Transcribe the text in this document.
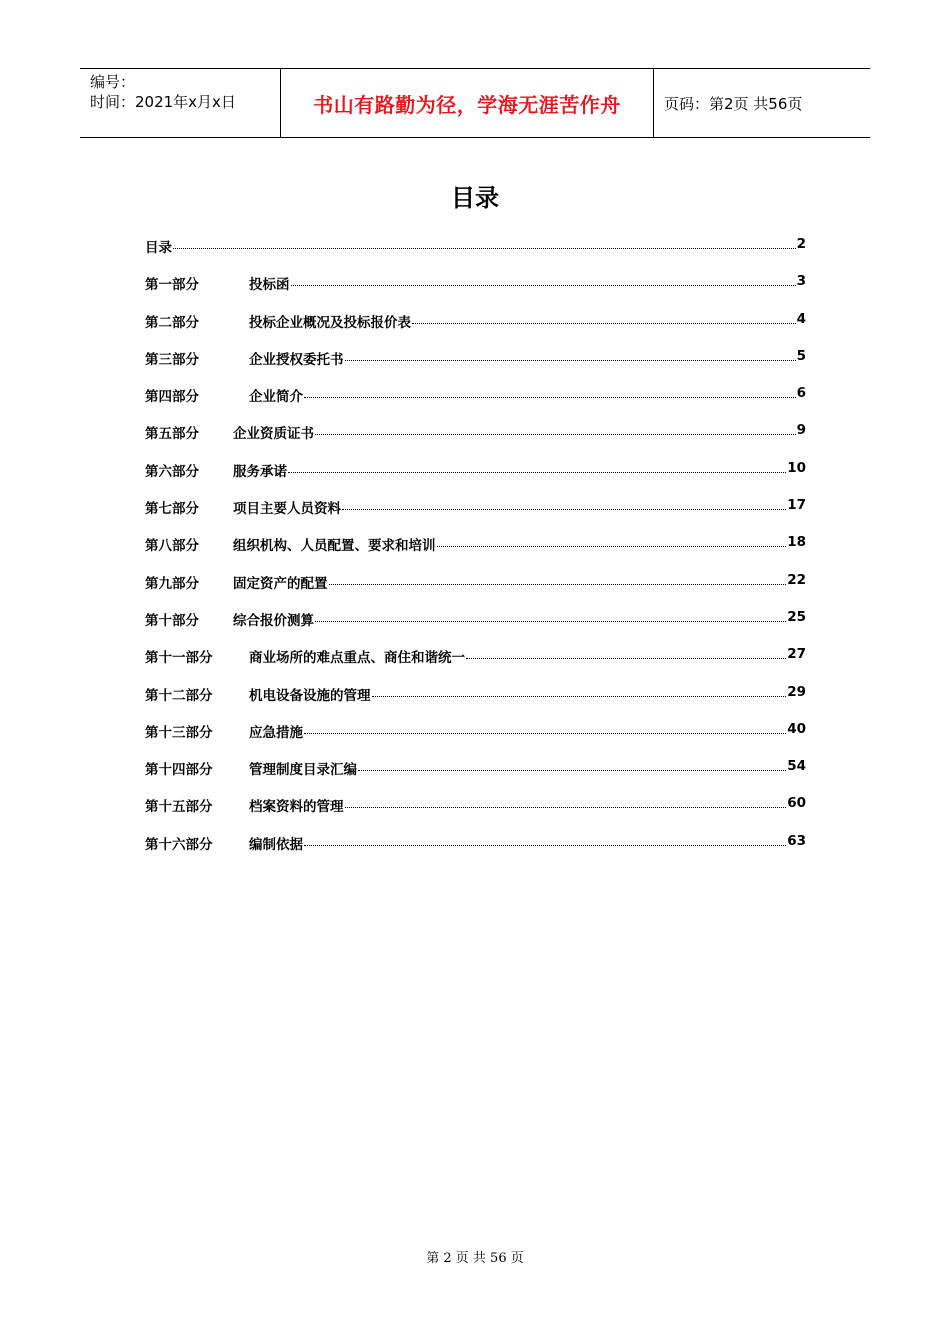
编号：
时间：2021年x月x日	书山有路勤为径，学海无涯苦作舟	页码：第2页 共56页
目录
目录	2
第一部分	投标函	3
第二部分	投标企业概况及投标报价表	4
第三部分	企业授权委托书	5
第四部分	企业简介	6
第五部分	企业资质证书	9
第六部分	服务承诺	10
第七部分	项目主要人员资料	17
第八部分	组织机构、人员配置、要求和培训	18
第九部分	固定资产的配置	22
第十部分	综合报价测算	25
第十一部分	商业场所的难点重点、商住和谐统一	27
第十二部分	机电设备设施的管理	29
第十三部分	应急措施	40
第十四部分	管理制度目录汇编	54
第十五部分	档案资料的管理	60
第十六部分	编制依据	63
第 2 页 共 56 页
